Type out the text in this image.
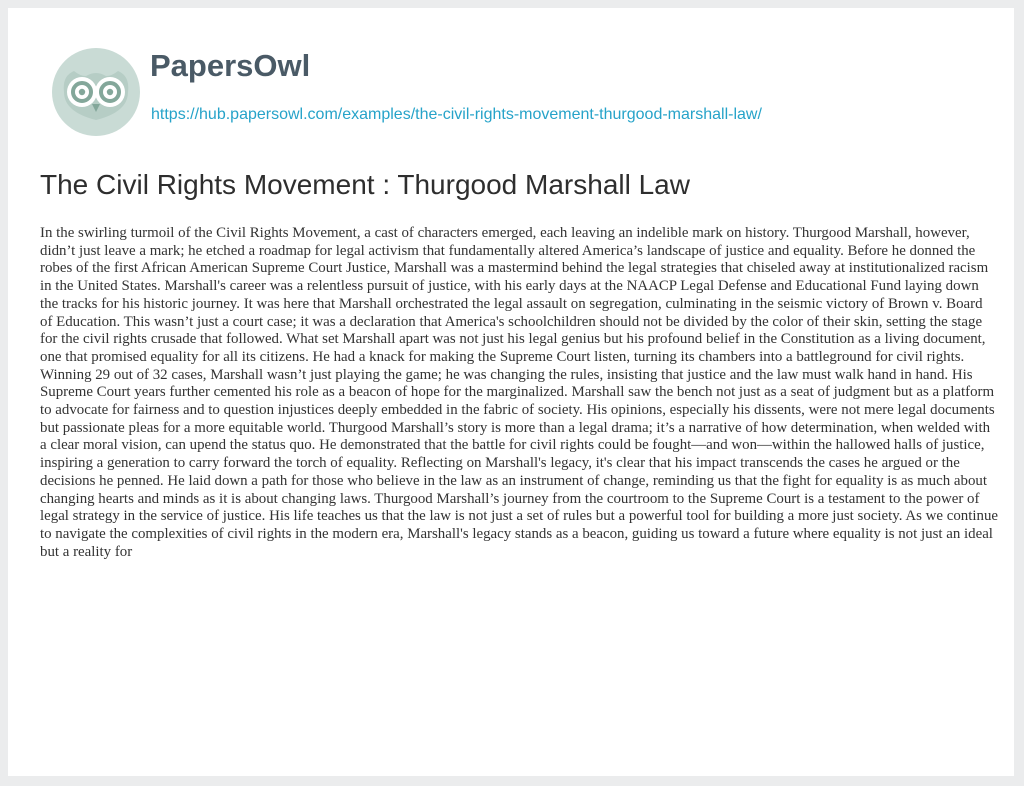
PapersOwl
https://hub.papersowl.com/examples/the-civil-rights-movement-thurgood-marshall-law/
The Civil Rights Movement : Thurgood Marshall Law

In the swirling turmoil of the Civil Rights Movement, a cast of characters emerged, each leaving an indelible mark on history. Thurgood Marshall, however, didn’t just leave a mark; he etched a roadmap for legal activism that fundamentally altered America’s landscape of justice and equality. Before he donned the robes of the first African American Supreme Court Justice, Marshall was a mastermind behind the legal strategies that chiseled away at institutionalized racism in the United States. Marshall's career was a relentless pursuit of justice, with his early days at the NAACP Legal Defense and Educational Fund laying down the tracks for his historic journey. It was here that Marshall orchestrated the legal assault on segregation, culminating in the seismic victory of Brown v. Board of Education. This wasn’t just a court case; it was a declaration that America's schoolchildren should not be divided by the color of their skin, setting the stage for the civil rights crusade that followed. What set Marshall apart was not just his legal genius but his profound belief in the Constitution as a living document, one that promised equality for all its citizens. He had a knack for making the Supreme Court listen, turning its chambers into a battleground for civil rights. Winning 29 out of 32 cases, Marshall wasn’t just playing the game; he was changing the rules, insisting that justice and the law must walk hand in hand. His Supreme Court years further cemented his role as a beacon of hope for the marginalized. Marshall saw the bench not just as a seat of judgment but as a platform to advocate for fairness and to question injustices deeply embedded in the fabric of society. His opinions, especially his dissents, were not mere legal documents but passionate pleas for a more equitable world. Thurgood Marshall’s story is more than a legal drama; it’s a narrative of how determination, when welded with a clear moral vision, can upend the status quo. He demonstrated that the battle for civil rights could be fought—and won—within the hallowed halls of justice, inspiring a generation to carry forward the torch of equality. Reflecting on Marshall's legacy, it's clear that his impact transcends the cases he argued or the decisions he penned. He laid down a path for those who believe in the law as an instrument of change, reminding us that the fight for equality is as much about changing hearts and minds as it is about changing laws. Thurgood Marshall’s journey from the courtroom to the Supreme Court is a testament to the power of legal strategy in the service of justice. His life teaches us that the law is not just a set of rules but a powerful tool for building a more just society. As we continue to navigate the complexities of civil rights in the modern era, Marshall's legacy stands as a beacon, guiding us toward a future where equality is not just an ideal but a reality for
